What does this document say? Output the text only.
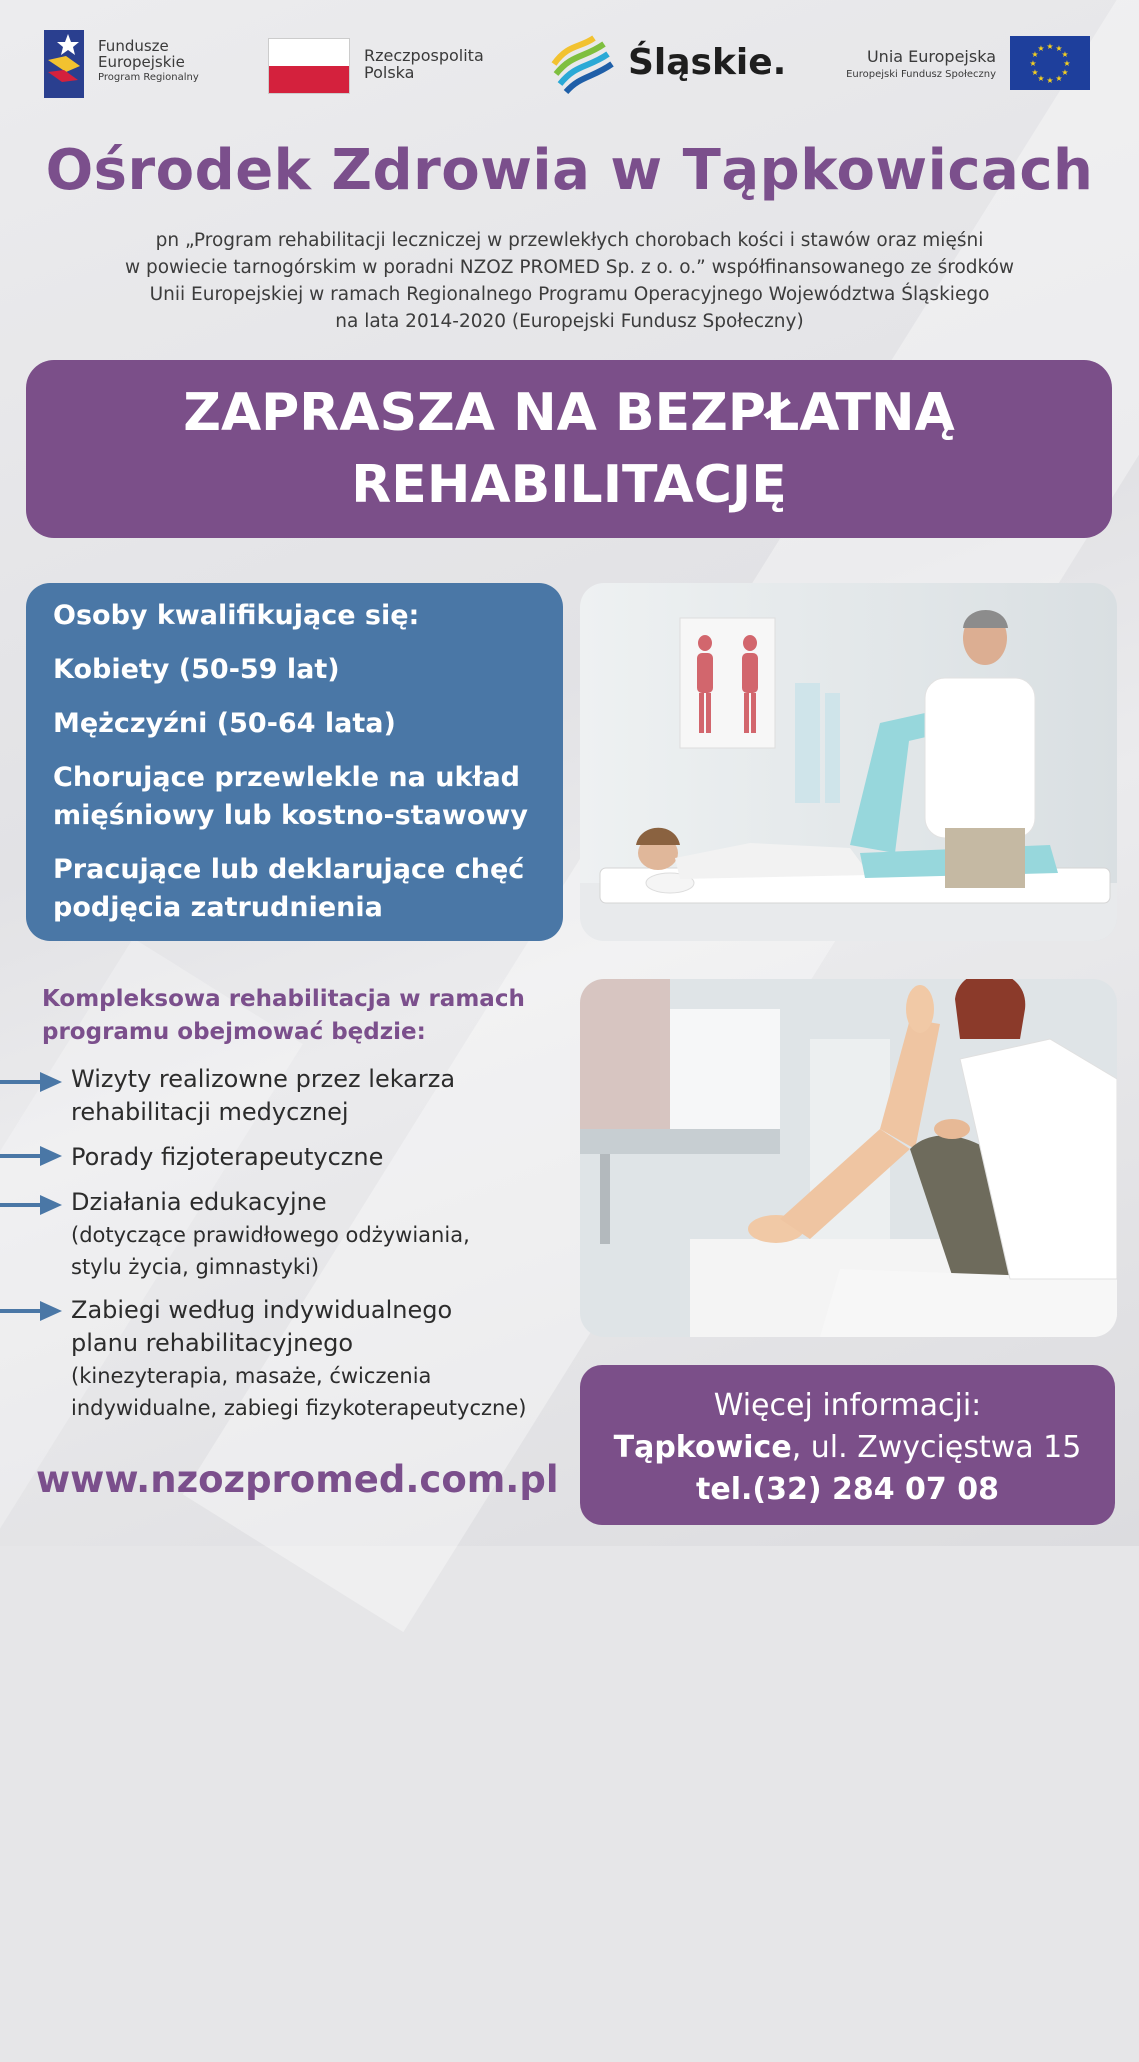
Fundusze
Europejskie
Program Regionalny
Rzeczpospolita
Polska	Śląskie.	Unia Europejska
Europejski Fundusz Społeczny
★ ★
★
★
★
★
★
★
★
★
★
★
Ośrodek Zdrowia w Tąpkowicach
pn „Program rehabilitacji leczniczej w przewlekłych chorobach kości i stawów oraz mięśni
w powiecie tarnogórskim w poradni NZOZ PROMED Sp. z o. o.” współfinansowanego ze środków
Unii Europejskiej w ramach Regionalnego Programu Operacyjnego Województwa Śląskiego
na lata 2014-2020 (Europejski Fundusz Społeczny)
ZAPRASZA NA BEZPŁATNĄ
REHABILITACJĘ
Osoby kwalifikujące się:
Kobiety (50-59 lat)
Mężczyźni (50-64 lata)
Chorujące przewlekle na układ
mięśniowy lub kostno-stawowy
Pracujące lub deklarujące chęć
podjęcia zatrudnienia
Kompleksowa rehabilitacja w ramach
programu obejmować będzie:
Wizyty realizowne przez lekarza
rehabilitacji medycznej
Porady fizjoterapeutyczne
Działania edukacyjne
(dotyczące prawidłowego odżywiania,
stylu życia, gimnastyki)
Zabiegi według indywidualnego
planu rehabilitacyjnego
(kinezyterapia, masaże, ćwiczenia
indywidualne, zabiegi fizykoterapeutyczne)
www.nzozpromed.com.pl
Więcej informacji:
Tąpkowice, ul. Zwycięstwa 15
tel.(32) 284 07 08
